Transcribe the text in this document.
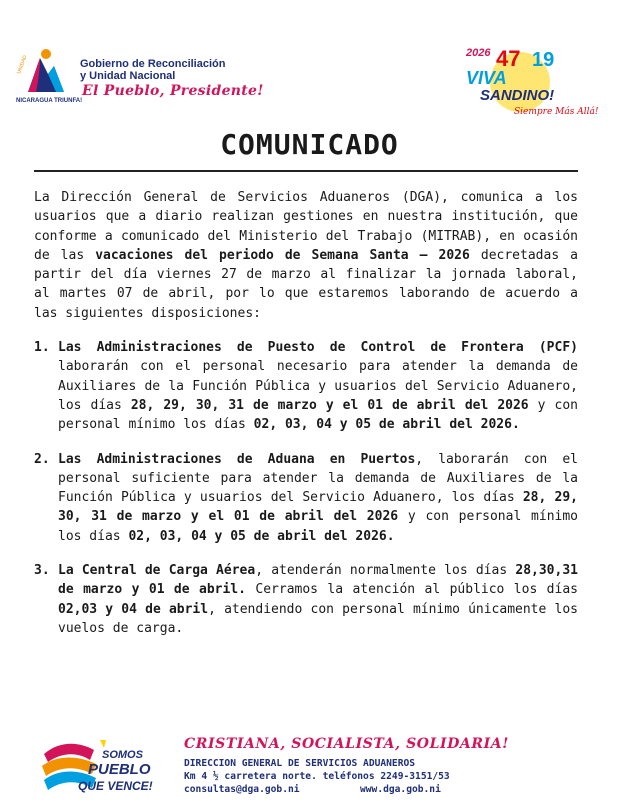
UNIDAD
NICARAGUA TRIUNFA!
Gobierno de Reconciliación
y Unidad Nacional
El Pueblo, Presidente!
2026 47 19
VIVA
SANDINO!
Siempre Más Allá!
COMUNICADO

La Dirección General de Servicios Aduaneros (DGA), comunica a los usuarios que a diario realizan gestiones en nuestra institución, que conforme a comunicado del Ministerio del Trabajo (MITRAB), en ocasión de las vacaciones del periodo de Semana Santa – 2026 decretadas a partir del día viernes 27 de marzo al finalizar la jornada laboral, al martes 07 de abril, por lo que estaremos laborando de acuerdo a las siguientes disposiciones:

1. Las Administraciones de Puesto de Control de Frontera (PCF) laborarán con el personal necesario para atender la demanda de Auxiliares de la Función Pública y usuarios del Servicio Aduanero, los días 28, 29, 30, 31 de marzo y el 01 de abril del 2026 y con personal mínimo los días 02, 03, 04 y 05 de abril del 2026.
2. Las Administraciones de Aduana en Puertos, laborarán con el personal suficiente para atender la demanda de Auxiliares de la Función Pública y usuarios del Servicio Aduanero, los días 28, 29, 30, 31 de marzo y el 01 de abril del 2026 y con personal mínimo los días 02, 03, 04 y 05 de abril del 2026.
3. La Central de Carga Aérea, atenderán normalmente los días 28,30,31 de marzo y 01 de abril. Cerramos la atención al público los días 02,03 y 04 de abril, atendiendo con personal mínimo únicamente los vuelos de carga.
SOMOS
PUEBLO
QUE VENCE!
CRISTIANA, SOCIALISTA, SOLIDARIA!
DIRECCION GENERAL DE SERVICIOS ADUANEROS
Km 4 ½ carretera norte. teléfonos 2249-3151/53
consultas@dga.gob.ni	www.dga.gob.ni
